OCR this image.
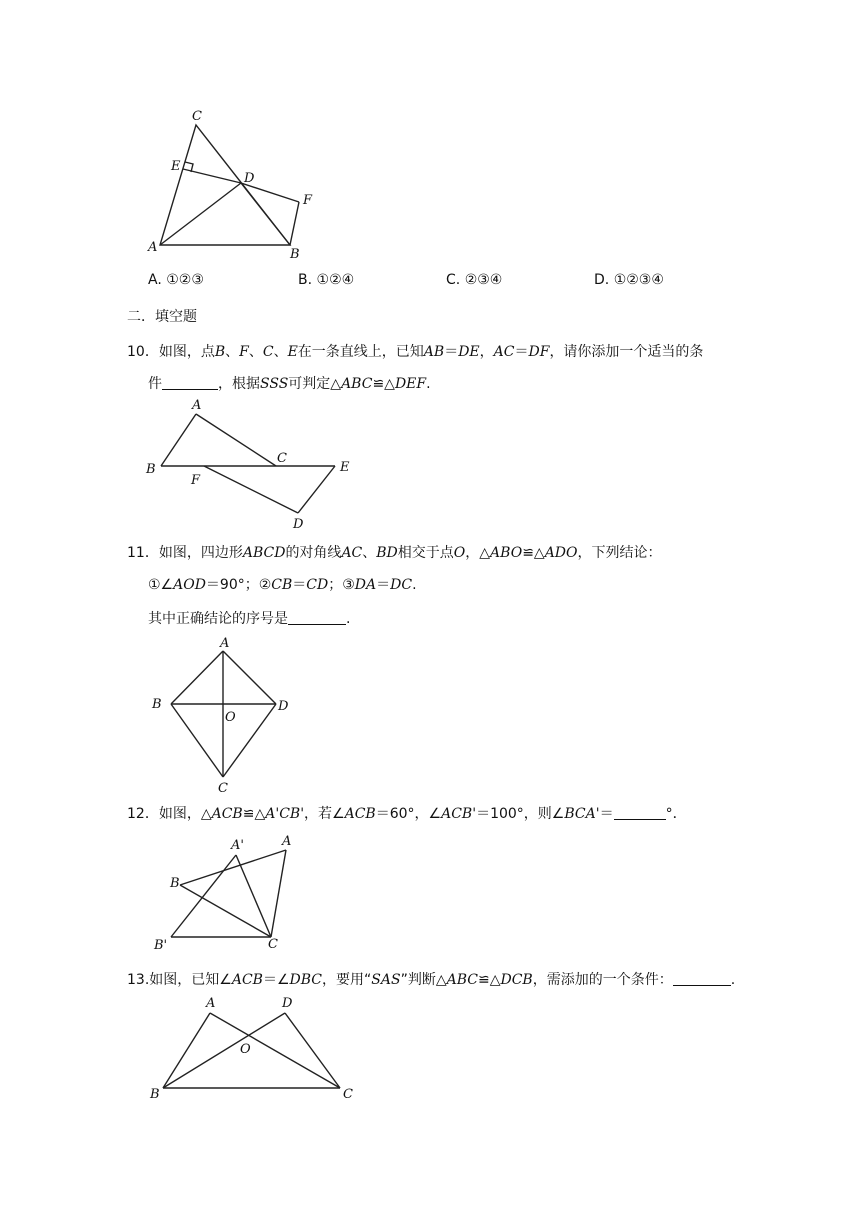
C
E
D
F
A	B
A. ①②③	B. ①②④	C. ②③④	D. ①②③④
二．填空题
10．如图，点B、F、C、E在一条直线上，已知AB＝DE，AC＝DF，请你添加一个适当的条
件	，根据SSS可判定△ABC≌△DEF.
A
B
C
E
F
D
11．如图，四边形ABCD的对角线AC、BD相交于点O，△ABO≌△ADO，下列结论：
①∠AOD＝90°；②CB＝CD；③DA＝DC.
其中正确结论的序号是	.
A
B
O
D
C
12．如图，△ACB≌△A'CB'，若∠ACB＝60°，∠ACB'＝100°，则∠BCA'＝	°．
A'	A
B
B'	C
13.如图，已知∠ACB＝∠DBC，要用“SAS”判断△ABC≌△DCB，需添加的一个条件：	.
A	D
O
B	C
